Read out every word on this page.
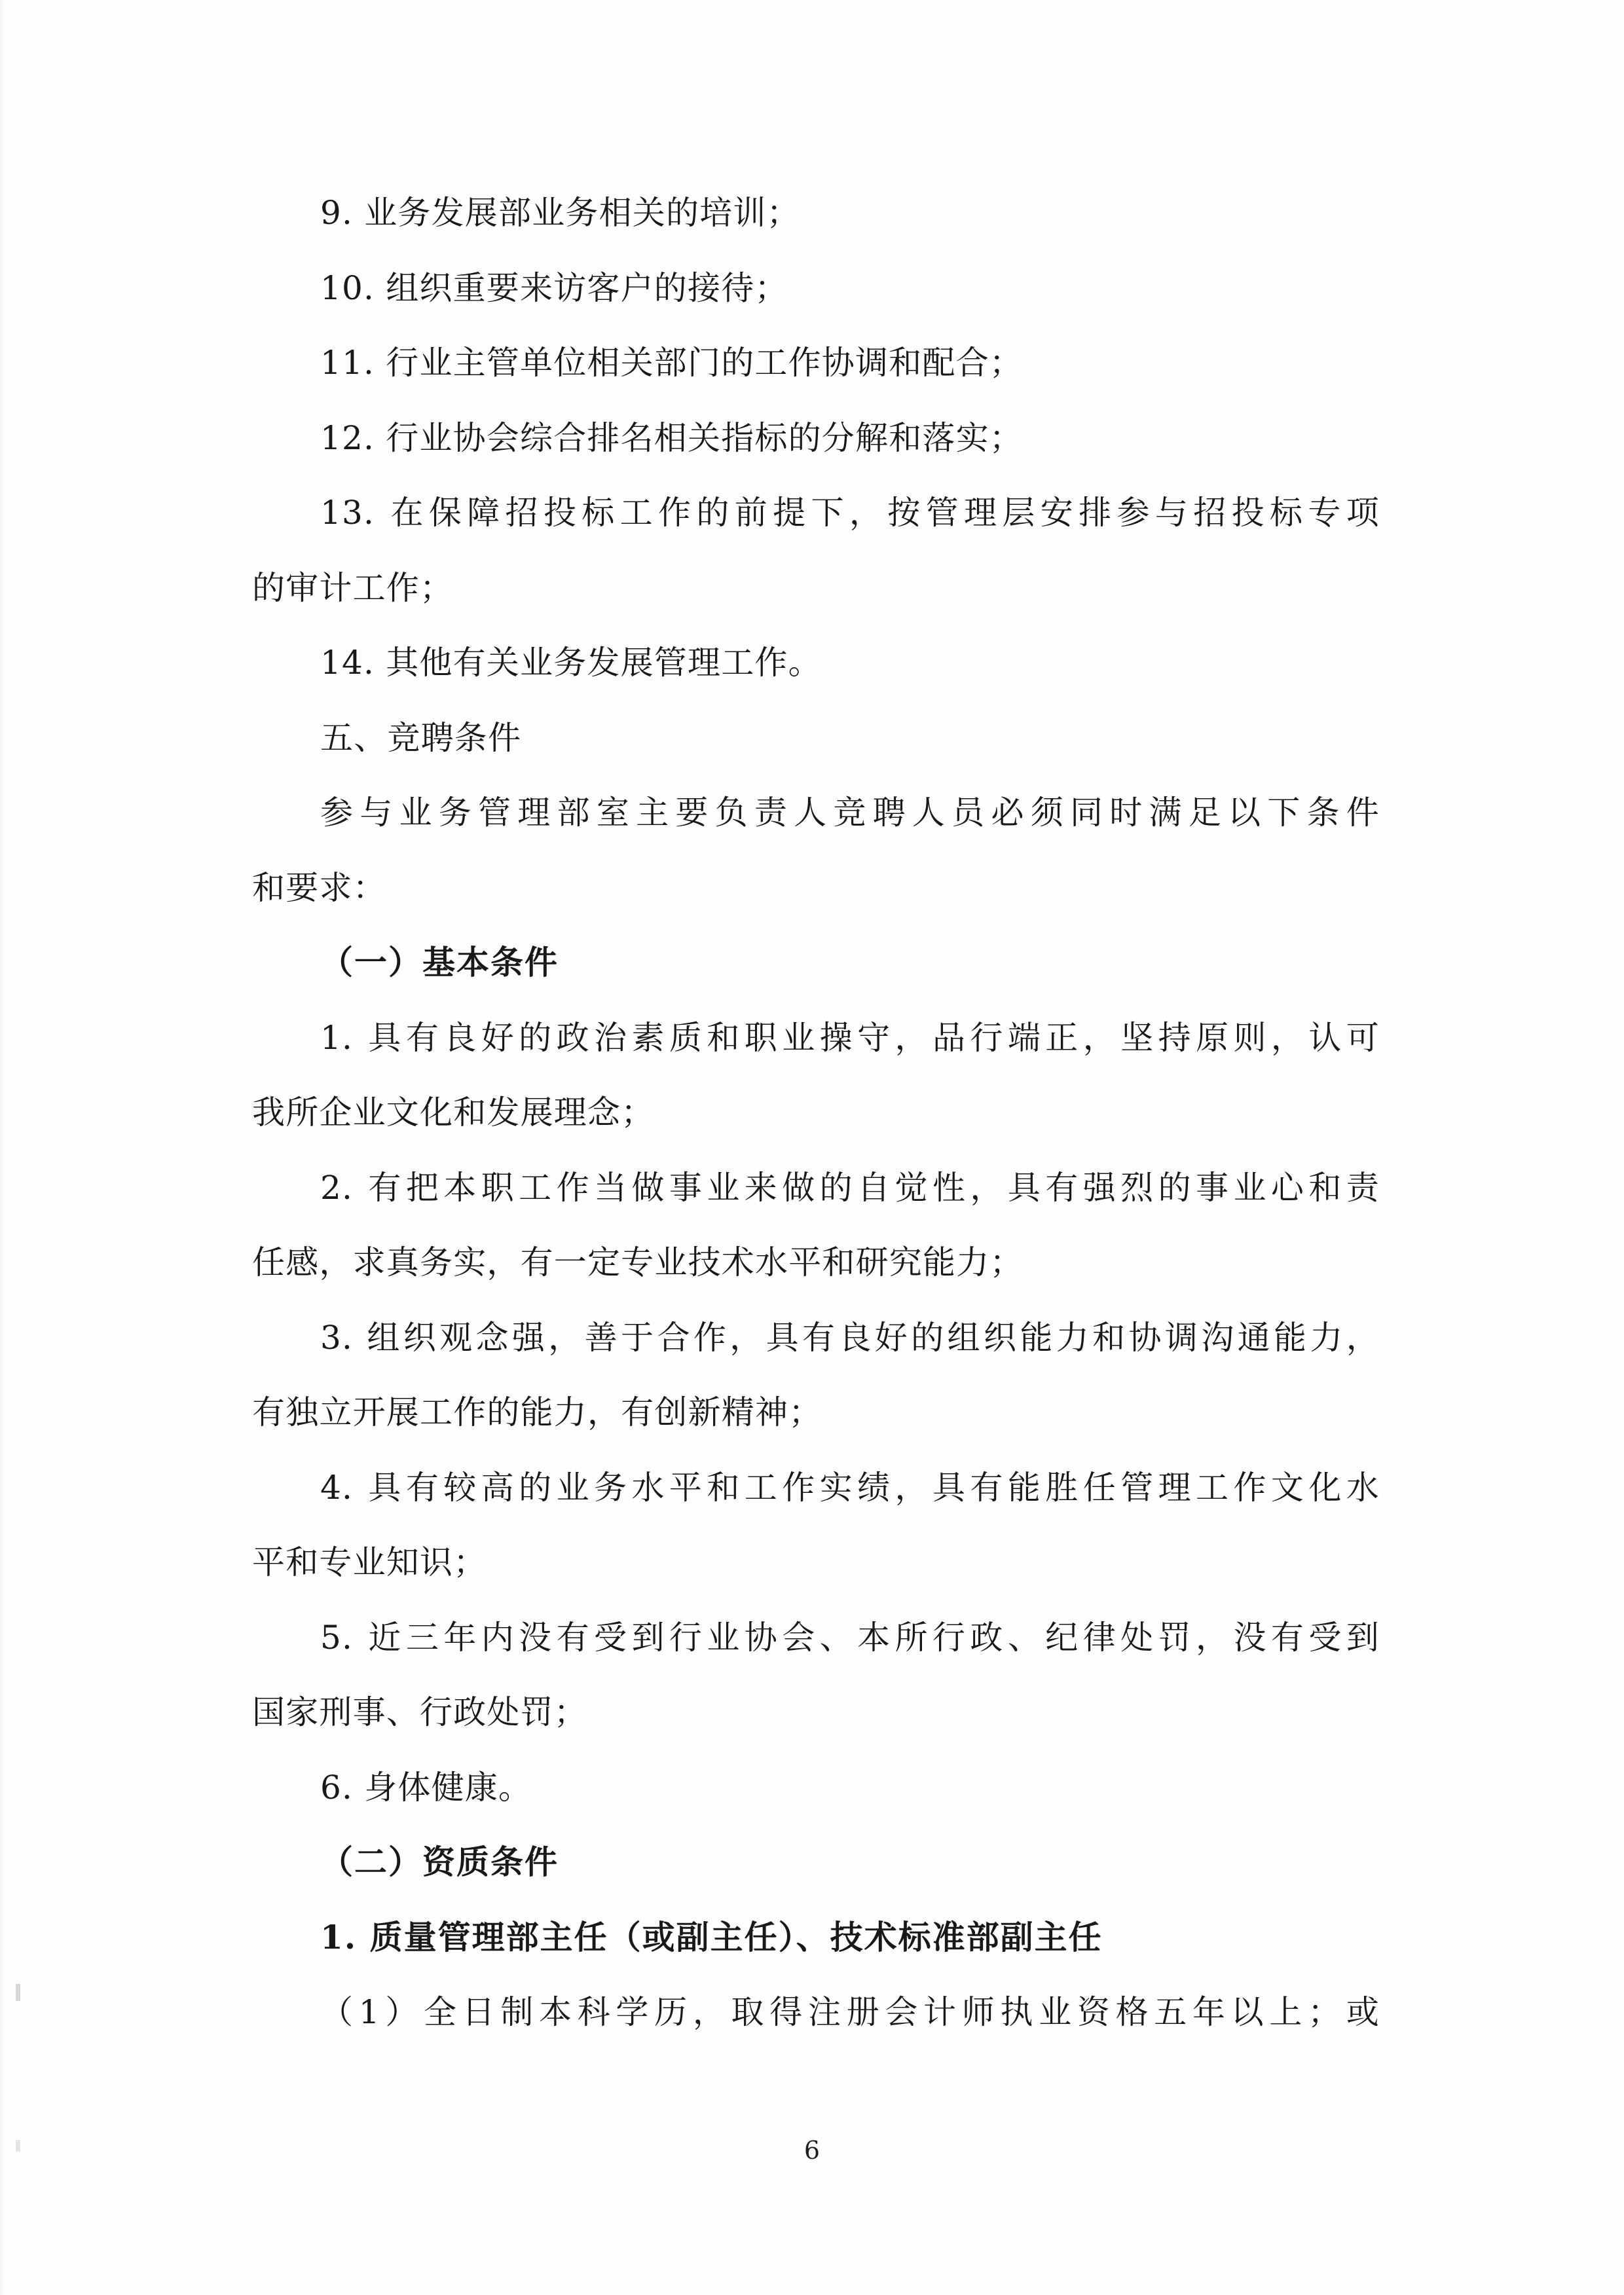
9. 业务发展部业务相关的培训；
10. 组织重要来访客户的接待；
11. 行业主管单位相关部门的工作协调和配合；
12. 行业协会综合排名相关指标的分解和落实；
13. 在保障招投标工作的前提下，按管理层安排参与招投标专项
的审计工作；
14. 其他有关业务发展管理工作。
五、竞聘条件
参与业务管理部室主要负责人竞聘人员必须同时满足以下条件
和要求：
（一）基本条件
1. 具有良好的政治素质和职业操守，品行端正，坚持原则，认可
我所企业文化和发展理念；
2. 有把本职工作当做事业来做的自觉性，具有强烈的事业心和责
任感，求真务实，有一定专业技术水平和研究能力；
3. 组织观念强，善于合作，具有良好的组织能力和协调沟通能力，
有独立开展工作的能力，有创新精神；
4. 具有较高的业务水平和工作实绩，具有能胜任管理工作文化水
平和专业知识；
5. 近三年内没有受到行业协会、本所行政、纪律处罚，没有受到
国家刑事、行政处罚；
6. 身体健康。
（二）资质条件
1. 质量管理部主任（或副主任）、技术标准部副主任
（1）全日制本科学历，取得注册会计师执业资格五年以上；或
6
